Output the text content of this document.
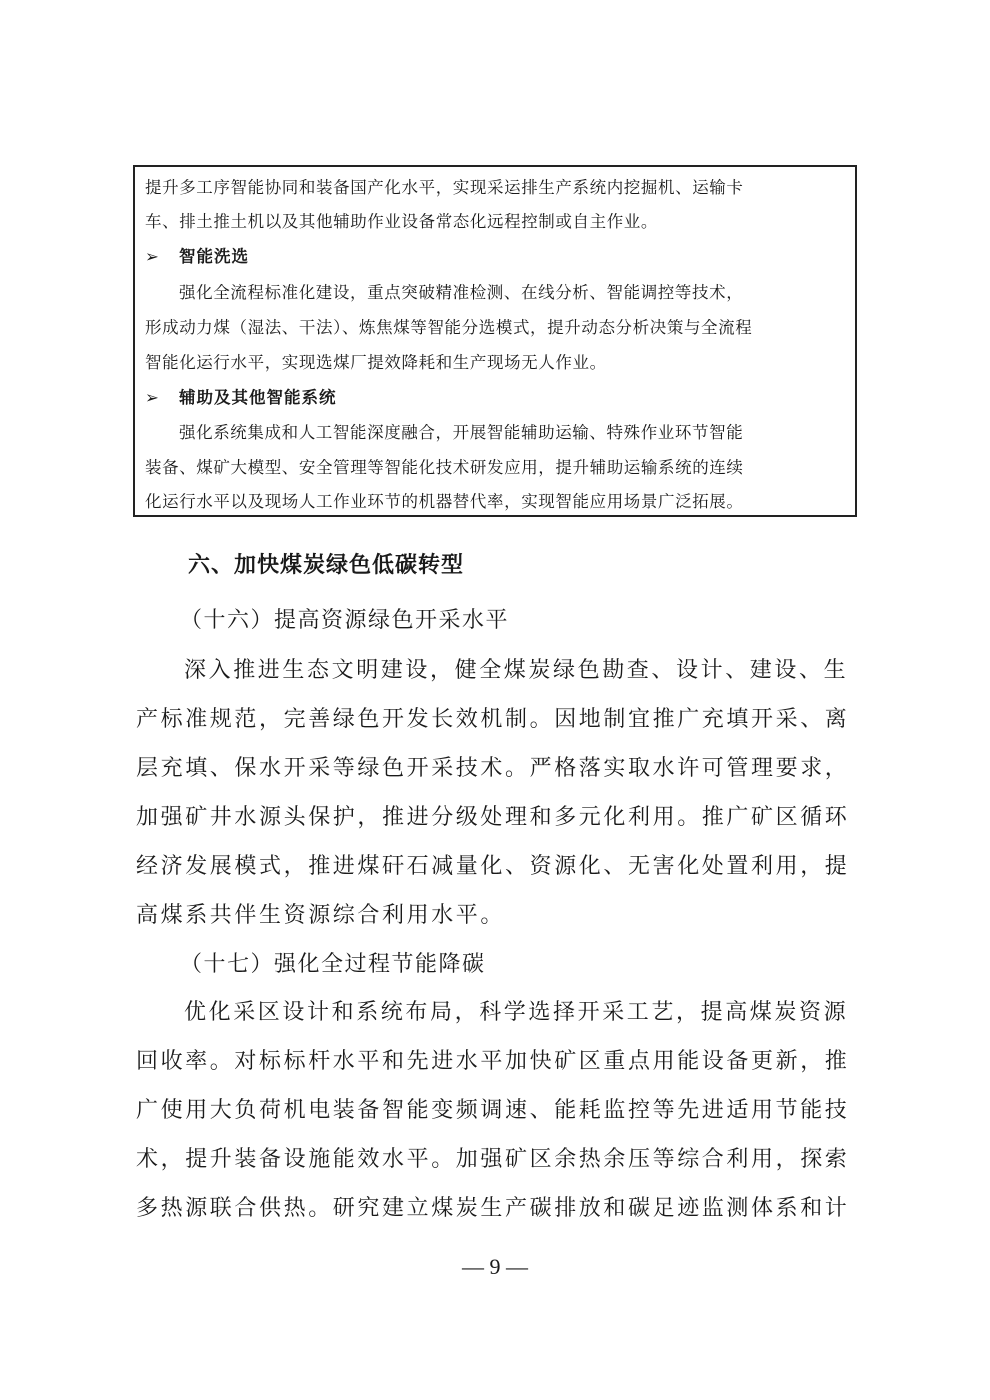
提升多工序智能协同和装备国产化水平，实现采运排生产系统内挖掘机、运输卡
车、排土推土机以及其他辅助作业设备常态化远程控制或自主作业。
➢ 智能洗选
强化全流程标准化建设，重点突破精准检测、在线分析、智能调控等技术，
形成动力煤（湿法、干法）、炼焦煤等智能分选模式，提升动态分析决策与全流程
智能化运行水平，实现选煤厂提效降耗和生产现场无人作业。
➢ 辅助及其他智能系统
强化系统集成和人工智能深度融合，开展智能辅助运输、特殊作业环节智能
装备、煤矿大模型、安全管理等智能化技术研发应用，提升辅助运输系统的连续
化运行水平以及现场人工作业环节的机器替代率，实现智能应用场景广泛拓展。
六、加快煤炭绿色低碳转型
（十六）提高资源绿色开采水平
深入推进生态文明建设，健全煤炭绿色勘查、设计、建设、生
产标准规范，完善绿色开发长效机制。因地制宜推广充填开采、离
层充填、保水开采等绿色开采技术。严格落实取水许可管理要求，
加强矿井水源头保护，推进分级处理和多元化利用。推广矿区循环
经济发展模式，推进煤矸石减量化、资源化、无害化处置利用，提
高煤系共伴生资源综合利用水平。
（十七）强化全过程节能降碳
优化采区设计和系统布局，科学选择开采工艺，提高煤炭资源
回收率。对标标杆水平和先进水平加快矿区重点用能设备更新，推
广使用大负荷机电装备智能变频调速、能耗监控等先进适用节能技
术，提升装备设施能效水平。加强矿区余热余压等综合利用，探索
多热源联合供热。研究建立煤炭生产碳排放和碳足迹监测体系和计
— 9 —
